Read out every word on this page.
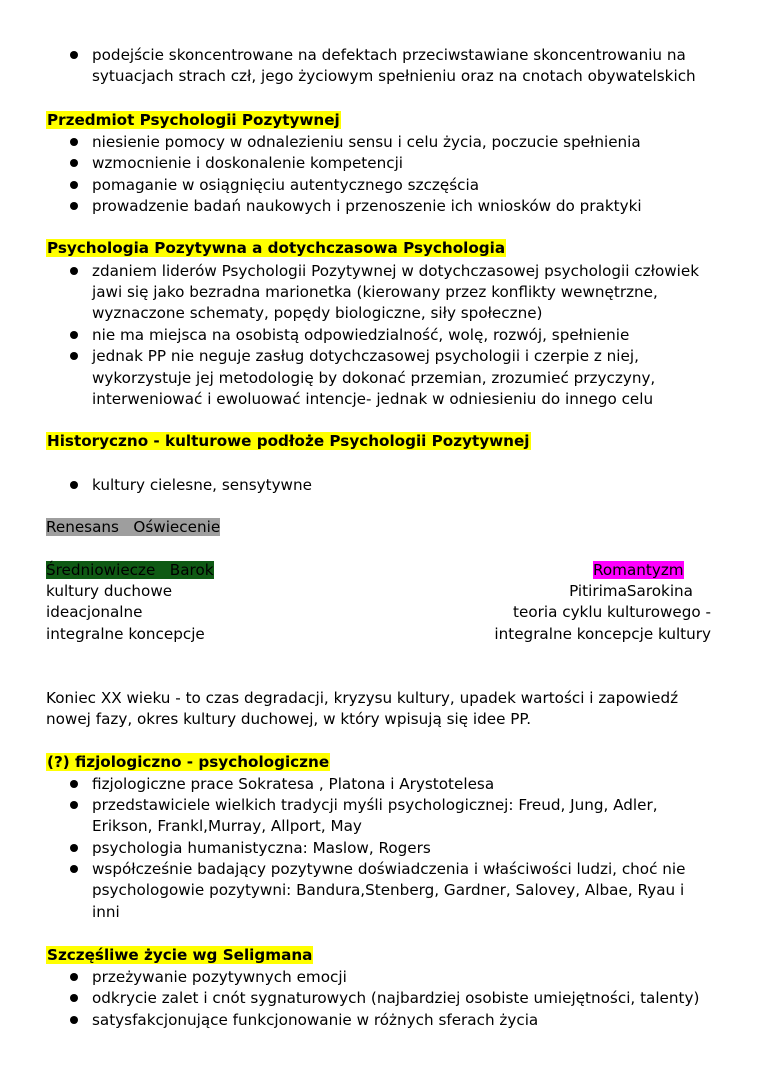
podejście skoncentrowane na defektach przeciwstawiane skoncentrowaniu na
sytuacjach strach czł, jego życiowym spełnieniu oraz na cnotach obywatelskich
Przedmiot Psychologii Pozytywnej
niesienie pomocy w odnalezieniu sensu i celu życia, poczucie spełnienia
wzmocnienie i doskonalenie kompetencji
pomaganie w osiągnięciu autentycznego szczęścia
prowadzenie badań naukowych i przenoszenie ich wniosków do praktyki
Psychologia Pozytywna a dotychczasowa Psychologia
zdaniem liderów Psychologii Pozytywnej w dotychczasowej psychologii człowiek
jawi się jako bezradna marionetka (kierowany przez konflikty wewnętrzne,
wyznaczone schematy, popędy biologiczne, siły społeczne)
nie ma miejsca na osobistą odpowiedzialność, wolę, rozwój, spełnienie
jednak PP nie neguje zasług dotychczasowej psychologii i czerpie z niej,
wykorzystuje jej metodologię by dokonać przemian, zrozumieć przyczyny,
interweniować i ewoluować intencje- jednak w odniesieniu do innego celu
Historyczno - kulturowe podłoże Psychologii Pozytywnej
kultury cielesne, sensytywne
Renesans   Oświecenie
Średniowiecze   Barok	Romantyzm
kultury duchowe
ideacjonalne
integralne koncepcje
PitirimaSarokina
teoria cyklu kulturowego -
integralne koncepcje kultury
Koniec XX wieku - to czas degradacji, kryzysu kultury, upadek wartości i zapowiedź
nowej fazy, okres kultury duchowej, w który wpisują się idee PP.
(?) fizjologiczno - psychologiczne
fizjologiczne prace Sokratesa , Platona i Arystotelesa
przedstawiciele wielkich tradycji myśli psychologicznej: Freud, Jung, Adler,
Erikson, Frankl,Murray, Allport, May
psychologia humanistyczna: Maslow, Rogers
współcześnie badający pozytywne doświadczenia i właściwości ludzi, choć nie
psychologowie pozytywni: Bandura,Stenberg, Gardner, Salovey, Albae, Ryau i
inni
Szczęśliwe życie wg Seligmana
przeżywanie pozytywnych emocji
odkrycie zalet i cnót sygnaturowych (najbardziej osobiste umiejętności, talenty)
satysfakcjonujące funkcjonowanie w różnych sferach życia
